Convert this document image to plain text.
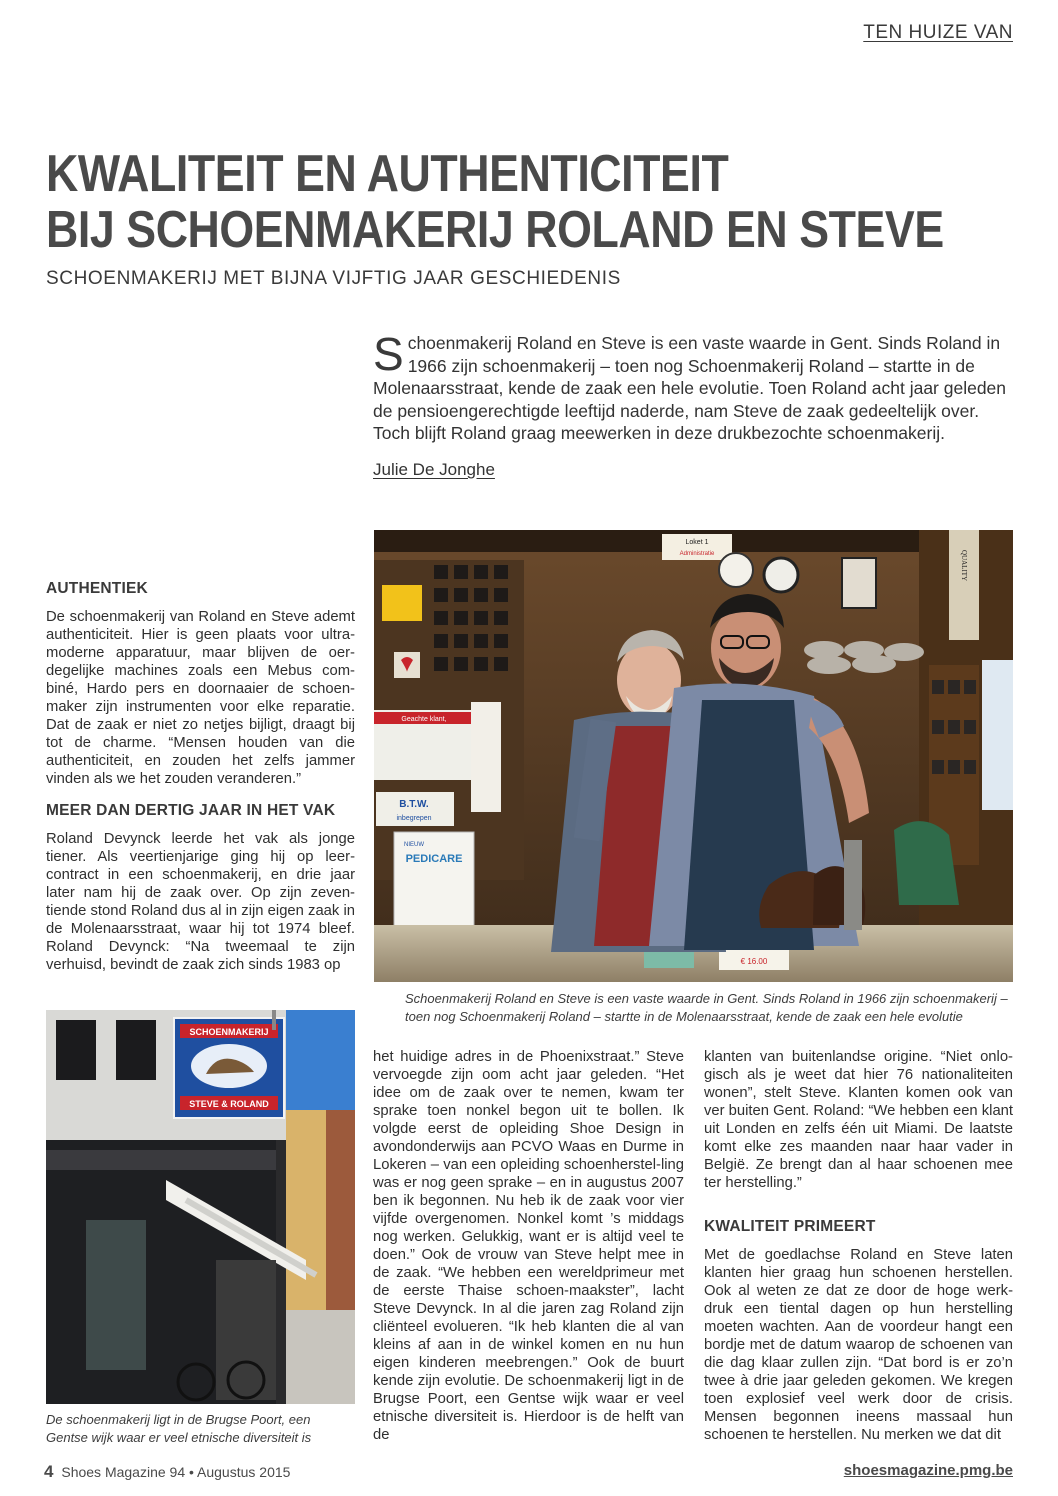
TEN HUIZE VAN
KWALITEIT EN AUTHENTICITEIT
BIJ SCHOENMAKERIJ ROLAND EN STEVE
SCHOENMAKERIJ MET BIJNA VIJFTIG JAAR GESCHIEDENIS
Schoenmakerij Roland en Steve is een vaste waarde in Gent. Sinds Roland in 1966 zijn schoenmakerij – toen nog Schoenmakerij Roland – startte in de Molenaarsstraat, kende de zaak een hele evolutie. Toen Roland acht jaar geleden de pensioengerechtigde leeftijd naderde, nam Steve de zaak gedeeltelijk over. Toch blijft Roland graag meewerken in deze drukbezochte schoenmakerij.
Julie De Jonghe
Loket 1
Administratie	QUALITY
Geachte klant,
B.T.W.
inbegrepen
NIEUW
PEDICARE
€ 16.00
Schoenmakerij Roland en Steve is een vaste waarde in Gent. Sinds Roland in 1966 zijn schoenmakerij – toen nog Schoenmakerij Roland – startte in de Molenaarsstraat, kende de zaak een hele evolutie
SCHOENMAKERIJ
STEVE & ROLAND
De schoenmakerij ligt in de Brugse Poort, een Gentse wijk waar er veel etnische diversiteit is
AUTHENTIEK

De schoenmakerij van Roland en Steve ademt authenticiteit. Hier is geen plaats voor ultra-moderne apparatuur, maar blijven de oer-degelijke machines zoals een Mebus com-biné, Hardo pers en doornaaier de schoen-maker zijn instrumenten voor elke reparatie. Dat de zaak er niet zo netjes bijligt, draagt bij tot de charme. “Mensen houden van die authenticiteit, en zouden het zelfs jammer vinden als we het zouden veranderen.”

MEER DAN DERTIG JAAR IN HET VAK

Roland Devynck leerde het vak als jonge tiener. Als veertienjarige ging hij op leer-contract in een schoenmakerij, en drie jaar later nam hij de zaak over. Op zijn zeven-tiende stond Roland dus al in zijn eigen zaak in de Molenaarsstraat, waar hij tot 1974 bleef. Roland Devynck: “Na tweemaal te zijn verhuisd, bevindt de zaak zich sinds 1983 op

het huidige adres in de Phoenixstraat.” Steve vervoegde zijn oom acht jaar geleden. “Het idee om de zaak over te nemen, kwam ter sprake toen nonkel begon uit te bollen. Ik volgde eerst de opleiding Shoe Design in avondonderwijs aan PCVO Waas en Durme in Lokeren – van een opleiding schoenherstel-ling was er nog geen sprake – en in augustus 2007 ben ik begonnen. Nu heb ik de zaak voor vier vijfde overgenomen. Nonkel komt ’s middags nog werken. Gelukkig, want er is altijd veel te doen.” Ook de vrouw van Steve helpt mee in de zaak. “We hebben een wereldprimeur met de eerste Thaise schoen-maakster”, lacht Steve Devynck. In al die jaren zag Roland zijn cliënteel evolueren. “Ik heb klanten die al van kleins af aan in de winkel komen en nu hun eigen kinderen meebrengen.” Ook de buurt kende zijn evolutie. De schoenmakerij ligt in de Brugse Poort, een Gentse wijk waar er veel etnische diversiteit is. Hierdoor is de helft van de

klanten van buitenlandse origine. “Niet onlo-gisch als je weet dat hier 76 nationaliteiten wonen”, stelt Steve. Klanten komen ook van ver buiten Gent. Roland: “We hebben een klant uit Londen en zelfs één uit Miami. De laatste komt elke zes maanden naar haar vader in België. Ze brengt dan al haar schoenen mee ter herstelling.”

KWALITEIT PRIMEERT

Met de goedlachse Roland en Steve laten klanten hier graag hun schoenen herstellen. Ook al weten ze dat ze door de hoge werk-druk een tiental dagen op hun herstelling moeten wachten. Aan de voordeur hangt een bordje met de datum waarop de schoenen van die dag klaar zullen zijn. “Dat bord is er zo’n twee à drie jaar geleden gekomen. We kregen toen explosief veel werk door de crisis. Mensen begonnen ineens massaal hun schoenen te herstellen. Nu merken we dat dit

4 Shoes Magazine 94 • Augustus 2015	shoesmagazine.pmg.be
